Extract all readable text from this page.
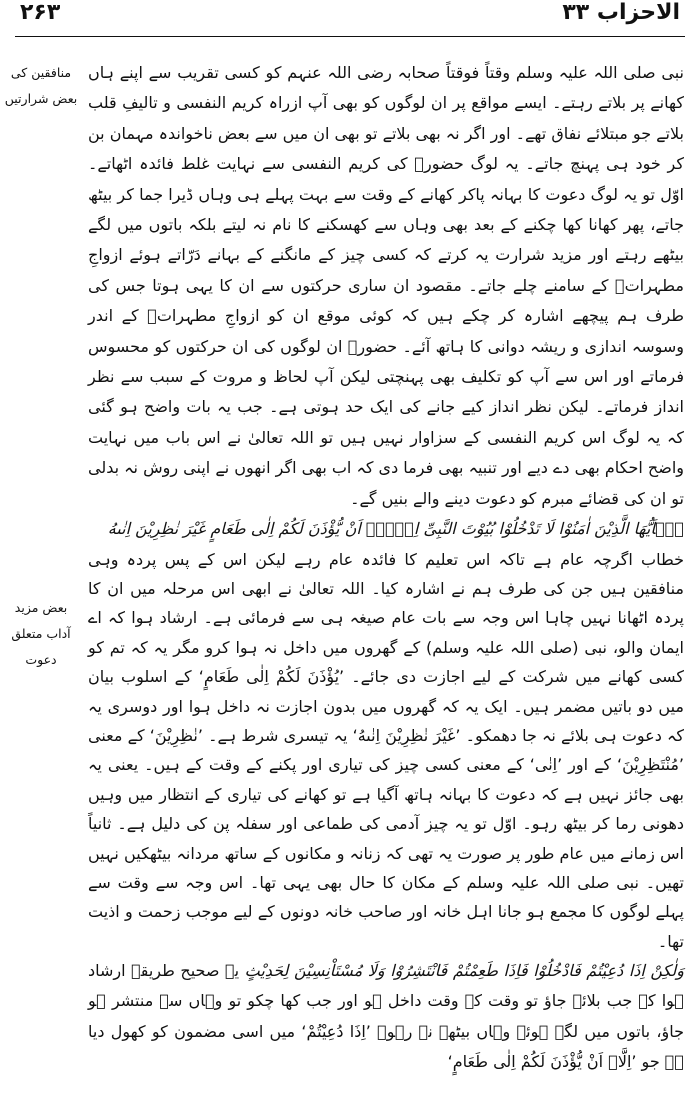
۲۶۳	الاحزاب ۳۳
منافقین کی
بعض شرارتیں
بعض مزید
آداب متعلق
دعوت

نبی صلی اللہ علیہ وسلم وقتاً فوقتاً صحابہ رضی اللہ عنہم کو کسی تقریب سے اپنے ہاں کھانے پر بلاتے رہتے۔ ایسے مواقع پر ان لوگوں کو بھی آپ ازراہ کریم النفسی و تالیفِ قلب بلاتے جو مبتلائے نفاق تھے۔ اور اگر نہ بھی بلاتے تو بھی ان میں سے بعض ناخواندہ مہمان بن کر خود ہی پہنچ جاتے۔ یہ لوگ حضورؐ کی کریم النفسی سے نہایت غلط فائدہ اٹھاتے۔ اوّل تو یہ لوگ دعوت کا بہانہ پاکر کھانے کے وقت سے بہت پہلے ہی وہاں ڈیرا جما کر بیٹھ جاتے، پھر کھانا کھا چکنے کے بعد بھی وہاں سے کھسکنے کا نام نہ لیتے بلکہ باتوں میں لگے بیٹھے رہتے اور مزید شرارت یہ کرتے کہ کسی چیز کے مانگنے کے بہانے دَرّاتے ہوئے ازواجِ مطہراتؓ کے سامنے چلے جاتے۔ مقصود ان ساری حرکتوں سے ان کا یہی ہوتا جس کی طرف ہم پیچھے اشارہ کر چکے ہیں کہ کوئی موقع ان کو ازواجِ مطہراتؓ کے اندر وسوسہ اندازی و ریشہ دوانی کا ہاتھ آئے۔ حضورؐ ان لوگوں کی ان حرکتوں کو محسوس فرماتے اور اس سے آپ کو تکلیف بھی پہنچتی لیکن آپ لحاظ و مروت کے سبب سے نظر انداز فرماتے۔ لیکن نظر انداز کیے جانے کی ایک حد ہوتی ہے۔ جب یہ بات واضح ہو گئی کہ یہ لوگ اس کریم النفسی کے سزاوار نہیں ہیں تو اللہ تعالیٰ نے اس باب میں نہایت واضح احکام بھی دے دیے اور تنبیہ بھی فرما دی کہ اب بھی اگر انھوں نے اپنی روش نہ بدلی تو ان کی قضائے مبرم کو دعوت دینے والے بنیں گے۔

یٰۤاَیُّهَا الَّذِیْنَ اٰمَنُوْا لَا تَدْخُلُوْا بُیُوْتَ النَّبِیِّ اِلَّاۤ اَنْ یُّؤْذَنَ لَكُمْ اِلٰى طَعَامٍ غَیْرَ نٰظِرِیْنَ اِنٰىهُ

خطاب اگرچہ عام ہے تاکہ اس تعلیم کا فائدہ عام رہے لیکن اس کے پس پردہ وہی منافقین ہیں جن کی طرف ہم نے اشارہ کیا۔ اللہ تعالیٰ نے ابھی اس مرحلہ میں ان کا پردہ اٹھانا نہیں چاہا اس وجہ سے بات عام صیغہ ہی سے فرمائی ہے۔ ارشاد ہوا کہ اے ایمان والو، نبی (صلی اللہ علیہ وسلم) کے گھروں میں داخل نہ ہوا کرو مگر یہ کہ تم کو کسی کھانے میں شرکت کے لیے اجازت دی جائے۔ ’یُؤْذَنَ لَكُمْ اِلٰى طَعَامٍ‘ کے اسلوب بیان میں دو باتیں مضمر ہیں۔ ایک یہ کہ گھروں میں بدون اجازت نہ داخل ہوا اور دوسری یہ کہ دعوت ہی بلائے نہ جا دھمکو۔ ’غَیْرَ نٰظِرِیْنَ اِنٰىهُ‘ یہ تیسری شرط ہے۔ ’نٰظِرِیْنَ‘ کے معنی ’مُنْتَظِرِیْنَ‘ کے اور ’اِنٰى‘ کے معنی کسی چیز کی تیاری اور پکنے کے وقت کے ہیں۔ یعنی یہ بھی جائز نہیں ہے کہ دعوت کا بہانہ ہاتھ آگیا ہے تو کھانے کی تیاری کے انتظار میں وہیں دھونی رما کر بیٹھ رہو۔ اوّل تو یہ چیز آدمی کی طماعی اور سفلہ پن کی دلیل ہے۔ ثانیاً اس زمانے میں عام طور پر صورت یہ تھی کہ زنانہ و مکانوں کے ساتھ مردانہ بیٹھکیں نہیں تھیں۔ نبی صلی اللہ علیہ وسلم کے مکان کا حال بھی یہی تھا۔ اس وجہ سے وقت سے پہلے لوگوں کا مجمع ہو جانا اہل خانہ اور صاحب خانہ دونوں کے لیے موجب زحمت و اذیت تھا۔

وَلٰكِنْ اِذَا دُعِیْتُمْ فَادْخُلُوْا فَاِذَا طَعِمْتُمْ فَانْتَشِرُوْا وَلَا مُسْتَاْنِسِیْنَ لِحَدِیْثٍ یہ صحیح طریقہ ارشاد ہوا کہ جب بلائے جاؤ تو وقت کے وقت داخل ہو اور جب کھا چکو تو وہاں سے منتشر ہو جاؤ، باتوں میں لگے ہوئے وہاں بیٹھے نہ رہو۔ ’اِذَا دُعِیْتُمْ‘ میں اسی مضمون کو کھول دیا ہے جو ’اِلَّاۤ اَنْ یُّؤْذَنَ لَكُمْ اِلٰى طَعَامٍ‘
